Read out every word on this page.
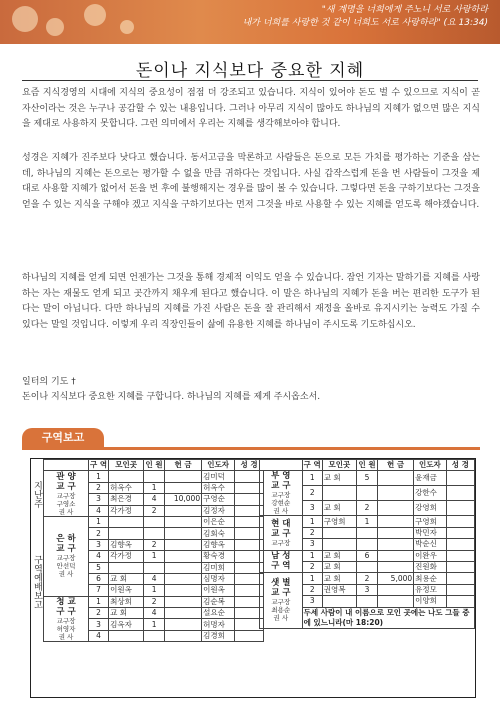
"새 계명을 너희에게 주노니 서로 사랑하라
내가 너희를 사랑한 것 같이 너희도 서로 사랑하라" (요 13:34)
돈이나 지식보다 중요한 지혜

요즘 지식경영의 시대에 지식의 중요성이 점점 더 강조되고 있습니다. 지식이 있어야 돈도 벌 수 있으므로 지식이 곧 자산이라는 것은 누구나 공감할 수 있는 내용입니다. 그러나 아무리 지식이 많아도 하나님의 지혜가 없으면 많은 지식을 제대로 사용하지 못합니다. 그런 의미에서 우리는 지혜를 생각해보아야 합니다.

성경은 지혜가 진주보다 낫다고 했습니다. 동서고금을 막론하고 사람들은 돈으로 모든 가치를 평가하는 기준을 삼는데, 하나님의 지혜는 돈으로는 평가할 수 없을 만큼 귀하다는 것입니다. 사실 갑작스럽게 돈을 번 사람들이 그것을 제대로 사용할 지혜가 없어서 돈을 번 후에 불행해지는 경우를 많이 볼 수 있습니다. 그렇다면 돈을 구하기보다는 그것을 얻을 수 있는 지식을 구해야 겠고 지식을 구하기보다는 먼저 그것을 바로 사용할 수 있는 지혜를 얻도록 해야겠습니다.

하나님의 지혜를 얻게 되면 언젠가는 그것을 통해 경제적 이익도 얻을 수 있습니다. 잠언 기자는 말하기를 지혜를 사랑하는 자는 재물도 얻게 되고 곳간까지 채우게 된다고 했습니다. 이 말은 하나님의 지혜가 돈을 버는 편리한 도구가 된다는 말이 아닙니다. 다만 하나님의 지혜를 가진 사람은 돈을 잘 관리해서 재정을 올바로 유지시키는 능력도 가질 수 있다는 말일 것입니다. 이렇게 우리 직장인들이 삶에 유용한 지혜를 하나님이 주시도록 기도하십시오.

일터의 기도 †
돈이나 지식보다 중요한 지혜를 구합니다. 하나님의 지혜를 제게 주시옵소서.
구역보고
지난주
구역예배보고
	구 역	모인곳	인 원	헌 금	인도자	성 경
관 양
교 구
교구장
구영소
권 사	1				김미덕	
	2	허옥수	1		허옥수	
	3	최은경	4	10,000	구영순	
	4	각가정	2		김정자	
은 하
교 구
교구장
안선덕
권 사	1				이은순	
	2				김회숙	
	3	김향옥	2		김향옥	
	4	각가정	1		황숙경	
	5				김미희	
	6	교 회	4		심명자	
	7	이원옥	1		이원옥	
청 교
구 구
교구장
허영자
권 사	1	최상희	2		김순복	
	2	교 회	4		설요순	
	3	김옥자	1		허명자	
	4				김경희	
	구 역	모인곳	인 원	헌 금	인도자	성 경
부 영
교 구
교구장
강현순
권 사	1	교 회	5		윤재금	
	2				강한수	
	3	교 회	2		강영희	
현 대
교 구
교구장	1	구영희	1		구영희	
	2				박민자	
	3				박순신	
남 성
구 역	1	교 회	6		이완우	
	2	교 회			진원화	
샛 별
교 구
교구장
최용순
권 사	1	교 회	2	5,000	최용순	
	2	권영복	3		유정모	
	3				이양희	
	두세 사람이 내 이름으로 모인 곳에는 나도 그들 중에 있느니라(마 18:20)					
